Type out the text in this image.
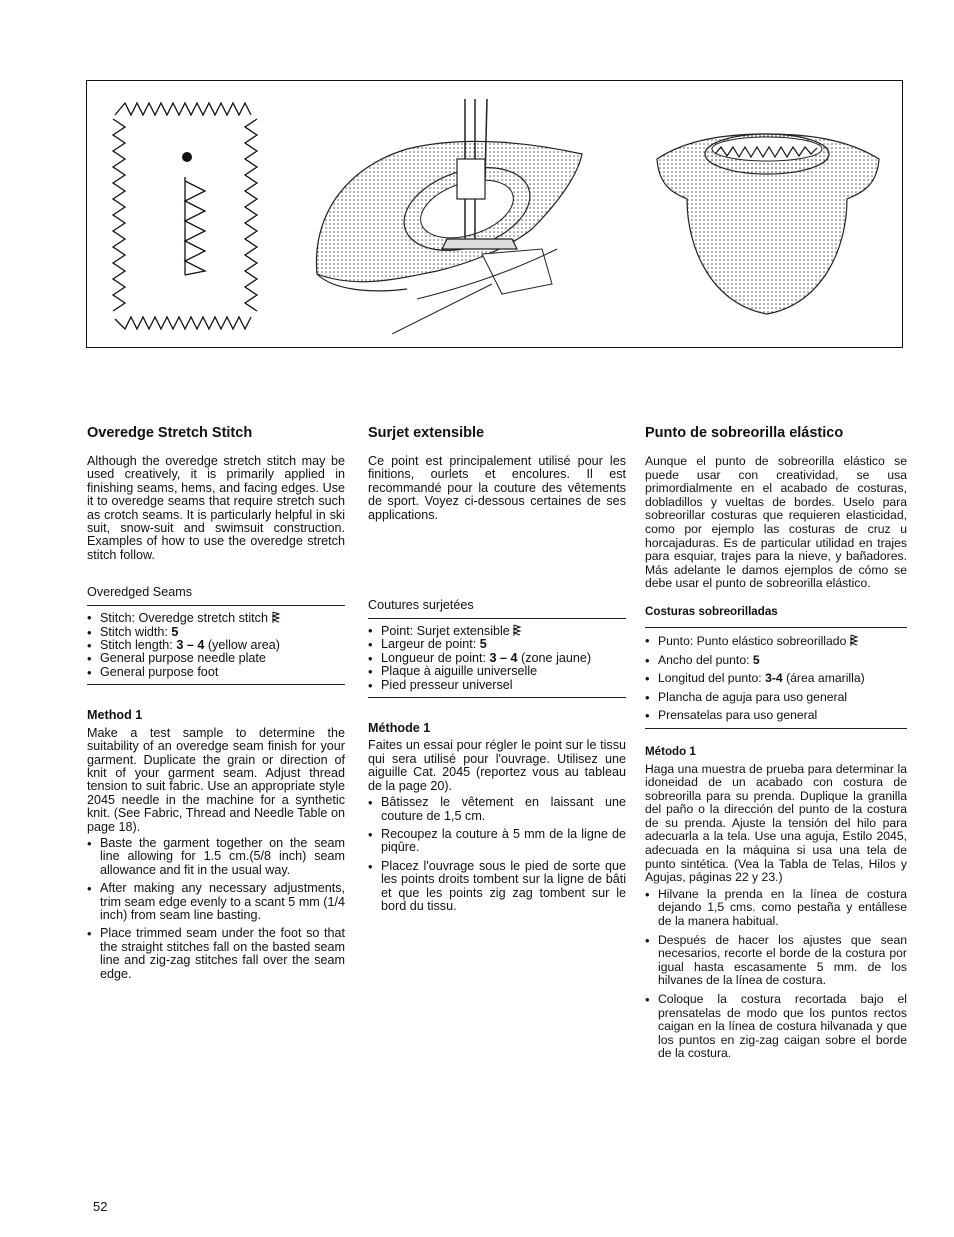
Overedge Stretch Stitch

Although the overedge stretch stitch may be used creatively, it is primarily applied in finishing seams, hems, and facing edges. Use it to overedge seams that require stretch such as crotch seams. It is particularly helpful in ski suit, snow-suit and swimsuit construction. Examples of how to use the overedge stretch stitch follow.

Overedged Seams

• Stitch: Overedge stretch stitch
• Stitch width: 5
• Stitch length: 3 – 4 (yellow area)
• General purpose needle plate
• General purpose foot

Method 1

Make a test sample to determine the suitability of an overedge seam finish for your garment. Duplicate the grain or direction of knit of your garment seam. Adjust thread tension to suit fabric. Use an appropriate style 2045 needle in the machine for a synthetic knit. (See Fabric, Thread and Needle Table on page 18).

• Baste the garment together on the seam line allowing for 1.5 cm.(5/8 inch) seam allowance and fit in the usual way.
• After making any necessary adjustments, trim seam edge evenly to a scant 5 mm (1/4 inch) from seam line basting.
• Place trimmed seam under the foot so that the straight stitches fall on the basted seam line and zig-zag stitches fall over the seam edge.
Surjet extensible

Ce point est principalement utilisé pour les finitions, ourlets et encolures. Il est recommandé pour la couture des vêtements de sport. Voyez ci-dessous certaines de ses applications.

Coutures surjetées

• Point: Surjet extensible
• Largeur de point: 5
• Longueur de point: 3 – 4 (zone jaune)
• Plaque à aiguille universelle
• Pied presseur universel

Méthode 1

Faites un essai pour régler le point sur le tissu qui sera utilisé pour l'ouvrage. Utilisez une aiguille Cat. 2045 (reportez vous au tableau de la page 20).

• Bâtissez le vêtement en laissant une couture de 1,5 cm.
• Recoupez la couture à 5 mm de la ligne de piqûre.
• Placez l'ouvrage sous le pied de sorte que les points droits tombent sur la ligne de bâti et que les points zig zag tombent sur le bord du tissu.
Punto de sobreorilla elástico

Aunque el punto de sobreorilla elástico se puede usar con creatividad, se usa primordialmente en el acabado de costuras, dobladillos y vueltas de bordes. Uselo para sobreorillar costuras que requieren elasticidad, como por ejemplo las costuras de cruz u horcajaduras. Es de particular utilidad en trajes para esquiar, trajes para la nieve, y bañadores. Más adelante le damos ejemplos de cómo se debe usar el punto de sobreorilla elástico.

Costuras sobreorilladas

• Punto: Punto elástico sobreorillado
• Ancho del punto: 5
• Longitud del punto: 3-4 (área amarilla)
• Plancha de aguja para uso general
• Prensatelas para uso general

Método 1

Haga una muestra de prueba para determinar la idoneidad de un acabado con costura de sobreorilla para su prenda. Duplique la granilla del paño o la dirección del punto de la costura de su prenda. Ajuste la tensión del hilo para adecuarla a la tela. Use una aguja, Estilo 2045, adecuada en la máquina si usa una tela de punto sintética. (Vea la Tabla de Telas, Hilos y Agujas, páginas 22 y 23.)

• Hilvane la prenda en la línea de costura dejando 1,5 cms. como pestaña y entállese de la manera habitual.
• Después de hacer los ajustes que sean necesarios, recorte el borde de la costura por igual hasta escasamente 5 mm. de los hilvanes de la línea de costura.
• Coloque la costura recortada bajo el prensatelas de modo que los puntos rectos caigan en la línea de costura hilvanada y que los puntos en zig-zag caigan sobre el borde de la costura.
52
